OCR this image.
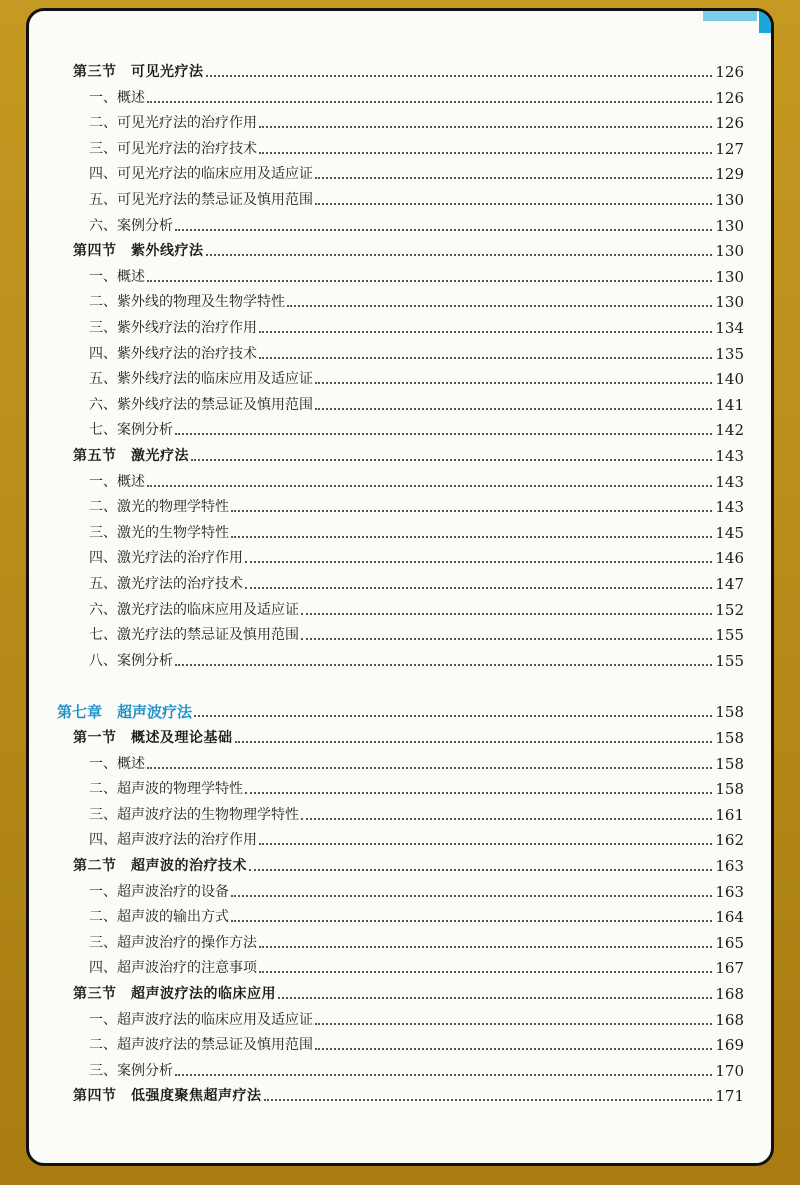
第三节　可见光疗法	126
一、概述	126
二、可见光疗法的治疗作用	126
三、可见光疗法的治疗技术	127
四、可见光疗法的临床应用及适应证	129
五、可见光疗法的禁忌证及慎用范围	130
六、案例分析	130
第四节　紫外线疗法	130
一、概述	130
二、紫外线的物理及生物学特性	130
三、紫外线疗法的治疗作用	134
四、紫外线疗法的治疗技术	135
五、紫外线疗法的临床应用及适应证	140
六、紫外线疗法的禁忌证及慎用范围	141
七、案例分析	142
第五节　激光疗法	143
一、概述	143
二、激光的物理学特性	143
三、激光的生物学特性	145
四、激光疗法的治疗作用	146
五、激光疗法的治疗技术	147
六、激光疗法的临床应用及适应证	152
七、激光疗法的禁忌证及慎用范围	155
八、案例分析	155
第七章　超声波疗法	158
第一节　概述及理论基础	158
一、概述	158
二、超声波的物理学特性	158
三、超声波疗法的生物物理学特性	161
四、超声波疗法的治疗作用	162
第二节　超声波的治疗技术	163
一、超声波治疗的设备	163
二、超声波的输出方式	164
三、超声波治疗的操作方法	165
四、超声波治疗的注意事项	167
第三节　超声波疗法的临床应用	168
一、超声波疗法的临床应用及适应证	168
二、超声波疗法的禁忌证及慎用范围	169
三、案例分析	170
第四节　低强度聚焦超声疗法	171
